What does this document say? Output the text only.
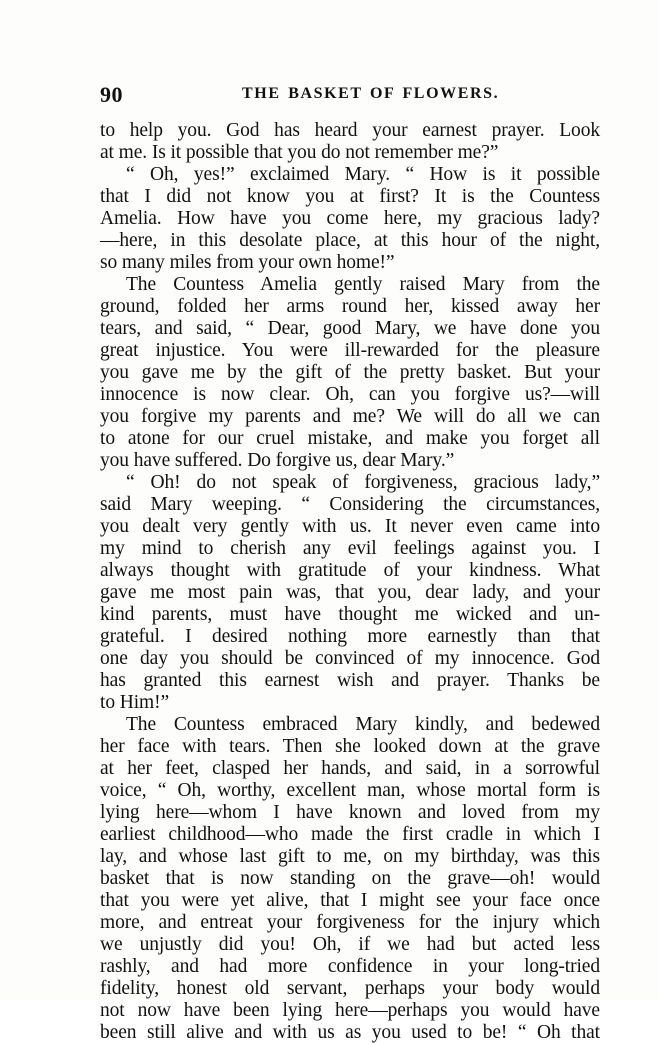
90	THE BASKET OF FLOWERS.
to help you. God has heard your earnest prayer. Look
at me. Is it possible that you do not remember me?”
“ Oh, yes!” exclaimed Mary. “ How is it possible
that I did not know you at first? It is the Countess
Amelia. How have you come here, my gracious lady?
—here, in this desolate place, at this hour of the night,
so many miles from your own home!”
The Countess Amelia gently raised Mary from the
ground, folded her arms round her, kissed away her
tears, and said, “ Dear, good Mary, we have done you
great injustice. You were ill-rewarded for the pleasure
you gave me by the gift of the pretty basket. But your
innocence is now clear. Oh, can you forgive us?—will
you forgive my parents and me? We will do all we can
to atone for our cruel mistake, and make you forget all
you have suffered. Do forgive us, dear Mary.”
“ Oh! do not speak of forgiveness, gracious lady,”
said Mary weeping. “ Considering the circumstances,
you dealt very gently with us. It never even came into
my mind to cherish any evil feelings against you. I
always thought with gratitude of your kindness. What
gave me most pain was, that you, dear lady, and your
kind parents, must have thought me wicked and un-
grateful. I desired nothing more earnestly than that
one day you should be convinced of my innocence. God
has granted this earnest wish and prayer. Thanks be
to Him!”
The Countess embraced Mary kindly, and bedewed
her face with tears. Then she looked down at the grave
at her feet, clasped her hands, and said, in a sorrowful
voice, “ Oh, worthy, excellent man, whose mortal form is
lying here—whom I have known and loved from my
earliest childhood—who made the first cradle in which I
lay, and whose last gift to me, on my birthday, was this
basket that is now standing on the grave—oh! would
that you were yet alive, that I might see your face once
more, and entreat your forgiveness for the injury which
we unjustly did you! Oh, if we had but acted less
rashly, and had more confidence in your long-tried
fidelity, honest old servant, perhaps your body would
not now have been lying here—perhaps you would have
been still alive and with us as you used to be! “ Oh that
